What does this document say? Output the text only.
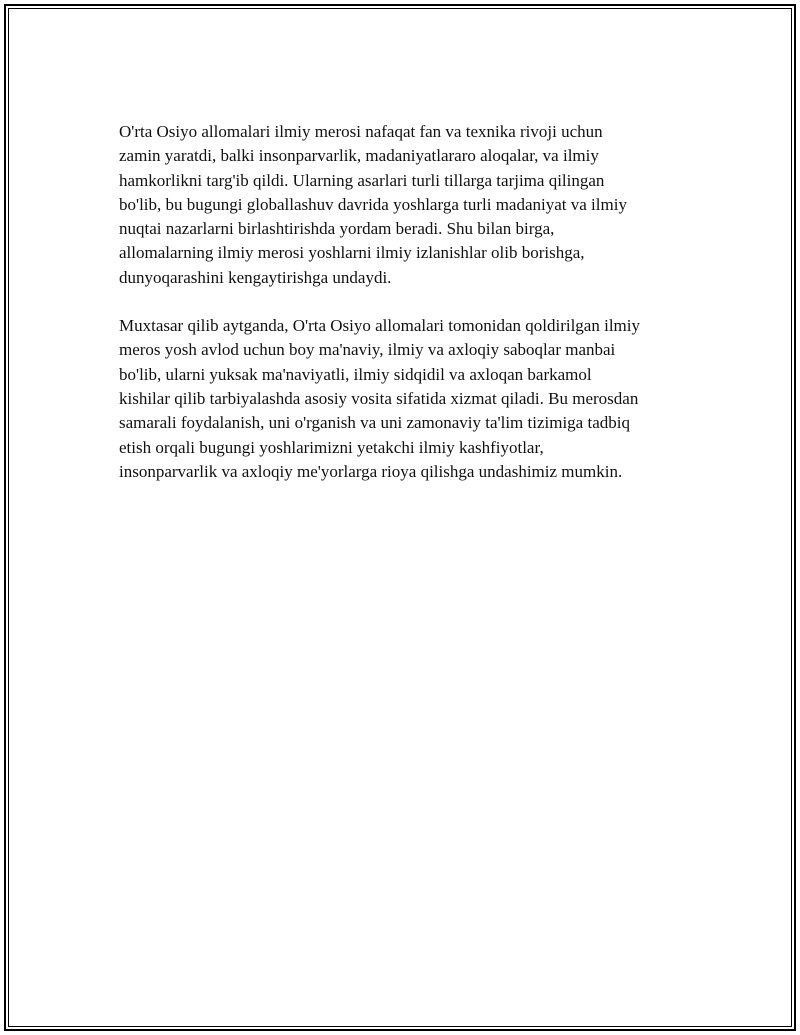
O'rta Osiyo allomalari ilmiy merosi nafaqat fan va texnika rivoji uchun
zamin yaratdi, balki insonparvarlik, madaniyatlararo aloqalar, va ilmiy
hamkorlikni targ'ib qildi. Ularning asarlari turli tillarga tarjima qilingan
bo'lib, bu bugungi globallashuv davrida yoshlarga turli madaniyat va ilmiy
nuqtai nazarlarni birlashtirishda yordam beradi. Shu bilan birga,
allomalarning ilmiy merosi yoshlarni ilmiy izlanishlar olib borishga,
dunyoqarashini kengaytirishga undaydi.

Muxtasar qilib aytganda, O'rta Osiyo allomalari tomonidan qoldirilgan ilmiy
meros yosh avlod uchun boy ma'naviy, ilmiy va axloqiy saboqlar manbai
bo'lib, ularni yuksak ma'naviyatli, ilmiy sidqidil va axloqan barkamol
kishilar qilib tarbiyalashda asosiy vosita sifatida xizmat qiladi. Bu merosdan
samarali foydalanish, uni o'rganish va uni zamonaviy ta'lim tizimiga tadbiq
etish orqali bugungi yoshlarimizni yetakchi ilmiy kashfiyotlar,
insonparvarlik va axloqiy me'yorlarga rioya qilishga undashimiz mumkin.
